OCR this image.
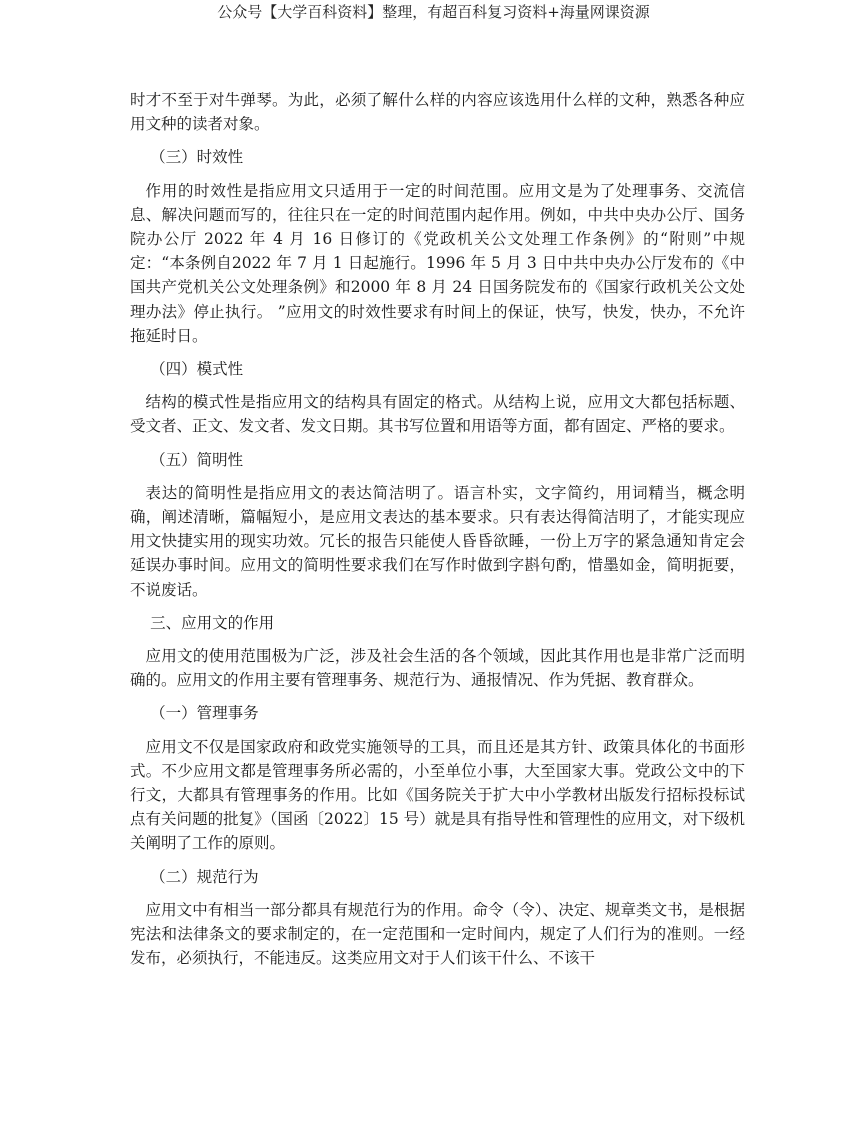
公众号【大学百科资料】整理，有超百科复习资料+海量网课资源

时才不至于对牛弹琴。为此，必须了解什么样的内容应该选用什么样的文种，熟悉各种应用文种的读者对象。

（三）时效性

作用的时效性是指应用文只适用于一定的时间范围。应用文是为了处理事务、交流信息、解决问题而写的，往往只在一定的时间范围内起作用。例如，中共中央办公厅、国务院办公厅 2022 年 4 月 16 日修订的《党政机关公文处理工作条例》的“附则”中规定：“本条例自2022 年 7 月 1 日起施行。1996 年 5 月 3 日中共中央办公厅发布的《中国共产党机关公文处理条例》和2000 年 8 月 24 日国务院发布的《国家行政机关公文处理办法》停止执行。 ”应用文的时效性要求有时间上的保证，快写，快发，快办，不允许拖延时日。

（四）模式性

结构的模式性是指应用文的结构具有固定的格式。从结构上说，应用文大都包括标题、受文者、正文、发文者、发文日期。其书写位置和用语等方面，都有固定、严格的要求。

（五）简明性

表达的简明性是指应用文的表达简洁明了。语言朴实，文字简约，用词精当，概念明确，阐述清晰，篇幅短小，是应用文表达的基本要求。只有表达得简洁明了，才能实现应用文快捷实用的现实功效。冗长的报告只能使人昏昏欲睡，一份上万字的紧急通知肯定会延误办事时间。应用文的简明性要求我们在写作时做到字斟句酌，惜墨如金，简明扼要，不说废话。

三、应用文的作用

应用文的使用范围极为广泛，涉及社会生活的各个领域，因此其作用也是非常广泛而明确的。应用文的作用主要有管理事务、规范行为、通报情况、作为凭据、教育群众。

（一）管理事务

应用文不仅是国家政府和政党实施领导的工具，而且还是其方针、政策具体化的书面形式。不少应用文都是管理事务所必需的，小至单位小事，大至国家大事。党政公文中的下行文，大都具有管理事务的作用。比如《国务院关于扩大中小学教材出版发行招标投标试点有关问题的批复》（国函〔2022〕15 号）就是具有指导性和管理性的应用文，对下级机关阐明了工作的原则。

（二）规范行为

应用文中有相当一部分都具有规范行为的作用。命令（令）、决定、规章类文书，是根据宪法和法律条文的要求制定的，在一定范围和一定时间内，规定了人们行为的准则。一经发布，必须执行，不能违反。这类应用文对于人们该干什么、不该干
